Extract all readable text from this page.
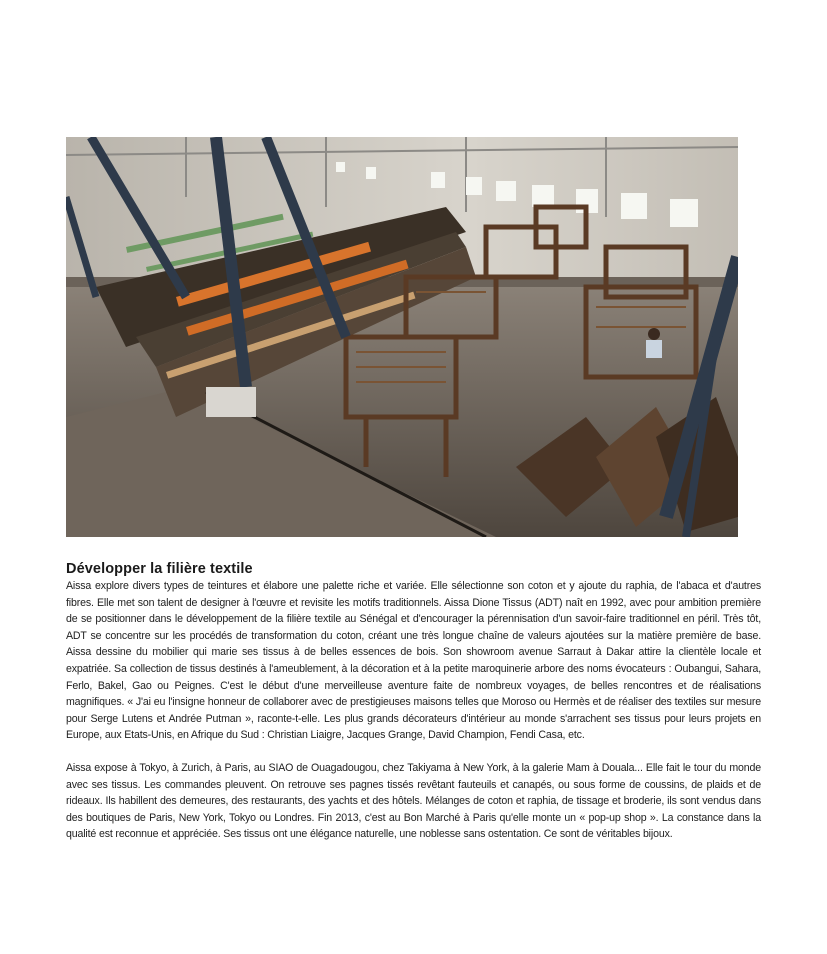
Développer la filière textile

Aissa explore divers types de teintures et élabore une palette riche et variée. Elle sélectionne son coton et y ajoute du raphia, de l'abaca et d'autres fibres. Elle met son talent de designer à l'œuvre et revisite les motifs traditionnels. Aissa Dione Tissus (ADT) naît en 1992, avec pour ambition première de se positionner dans le développement de la filière textile au Sénégal et d'encourager la pérennisation d'un savoir-faire traditionnel en péril. Très tôt, ADT se concentre sur les procédés de transformation du coton, créant une très longue chaîne de valeurs ajoutées sur la matière première de base. Aissa dessine du mobilier qui marie ses tissus à de belles essences de bois. Son showroom avenue Sarraut à Dakar attire la clientèle locale et expatriée. Sa collection de tissus destinés à l'ameublement, à la décoration et à la petite maroquinerie arbore des noms évocateurs : Oubangui, Sahara, Ferlo, Bakel, Gao ou Peignes. C'est le début d'une merveilleuse aventure faite de nombreux voyages, de belles rencontres et de réalisations magnifiques. « J'ai eu l'insigne honneur de collaborer avec de prestigieuses maisons telles que Moroso ou Hermès et de réaliser des textiles sur mesure pour Serge Lutens et Andrée Putman », raconte-t-elle. Les plus grands décorateurs d'intérieur au monde s'arrachent ses tissus pour leurs projets en Europe, aux Etats-Unis, en Afrique du Sud : Christian Liaigre, Jacques Grange, David Champion, Fendi Casa, etc.

Aissa expose à Tokyo, à Zurich, à Paris, au SIAO de Ouagadougou, chez Takiyama à New York, à la galerie Mam à Douala... Elle fait le tour du monde avec ses tissus. Les commandes pleuvent. On retrouve ses pagnes tissés revêtant fauteuils et canapés, ou sous forme de coussins, de plaids et de rideaux. Ils habillent des demeures, des restaurants, des yachts et des hôtels. Mélanges de coton et raphia, de tissage et broderie, ils sont vendus dans des boutiques de Paris, New York, Tokyo ou Londres. Fin 2013, c'est au Bon Marché à Paris qu'elle monte un « pop-up shop ». La constance dans la qualité est reconnue et appréciée. Ses tissus ont une élégance naturelle, une noblesse sans ostentation. Ce sont de véritables bijoux.
